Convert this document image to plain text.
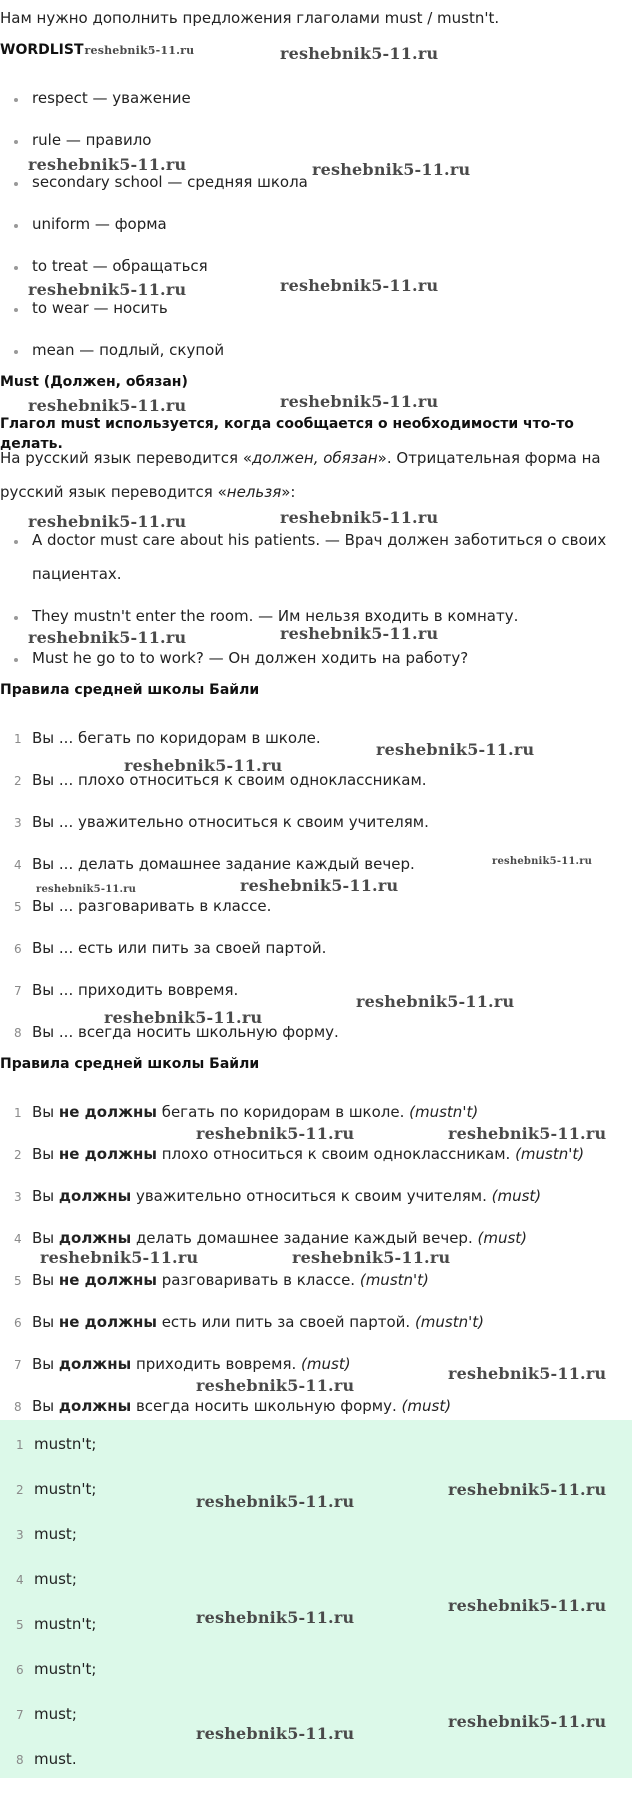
Нам нужно дополнить предложения глаголами must / mustn't.
WORDLISTreshebnik5-11.ru
respect — уважение
rule — правило
secondary school — средняя школа
uniform — форма
to treat — обращаться
to wear — носить
mean — подлый, скупой
Must (Должен, обязан)
Глагол must используется, когда сообщается о необходимости что-то делать.
На русский язык переводится «должен, обязан». Отрицательная форма на
русский язык переводится «нельзя»:
A doctor must care about his patients. — Врач должен заботиться о своих
пациентах.
They mustn't enter the room. — Им нельзя входить в комнату.
Must he go to to work? — Он должен ходить на работу?
Правила средней школы Байли
1 Вы ... бегать по коридорам в школе.
2 Вы ... плохо относиться к своим одноклассникам.
3 Вы ... уважительно относиться к своим учителям.
4 Вы ... делать домашнее задание каждый вечер.
5 Вы ... разговаривать в классе.
6 Вы ... есть или пить за своей партой.
7 Вы ... приходить вовремя.
8 Вы ... всегда носить школьную форму.
Правила средней школы Байли
1 Вы не должны бегать по коридорам в школе. (mustn't)
2 Вы не должны плохо относиться к своим одноклассникам. (mustn't)
3 Вы должны уважительно относиться к своим учителям. (must)
4 Вы должны делать домашнее задание каждый вечер. (must)
5 Вы не должны разговаривать в классе. (mustn't)
6 Вы не должны есть или пить за своей партой. (mustn't)
7 Вы должны приходить вовремя. (must)
8 Вы должны всегда носить школьную форму. (must)
1 mustn't;
2 mustn't;
3 must;
4 must;
5 mustn't;
6 mustn't;
7 must;
8 must.
reshebnik5-11.ru
reshebnik5-11.ru	reshebnik5-11.ru
reshebnik5-11.ru	reshebnik5-11.ru
reshebnik5-11.ru	reshebnik5-11.ru
reshebnik5-11.ru	reshebnik5-11.ru
reshebnik5-11.ru	reshebnik5-11.ru
reshebnik5-11.ru
reshebnik5-11.ru
reshebnik5-11.ru
reshebnik5-11.ru	reshebnik5-11.ru
reshebnik5-11.ru
reshebnik5-11.ru
reshebnik5-11.ru	reshebnik5-11.ru
reshebnik5-11.ru	reshebnik5-11.ru
reshebnik5-11.ru
reshebnik5-11.ru
reshebnik5-11.ru
reshebnik5-11.ru
reshebnik5-11.ru
reshebnik5-11.ru
reshebnik5-11.ru
reshebnik5-11.ru
